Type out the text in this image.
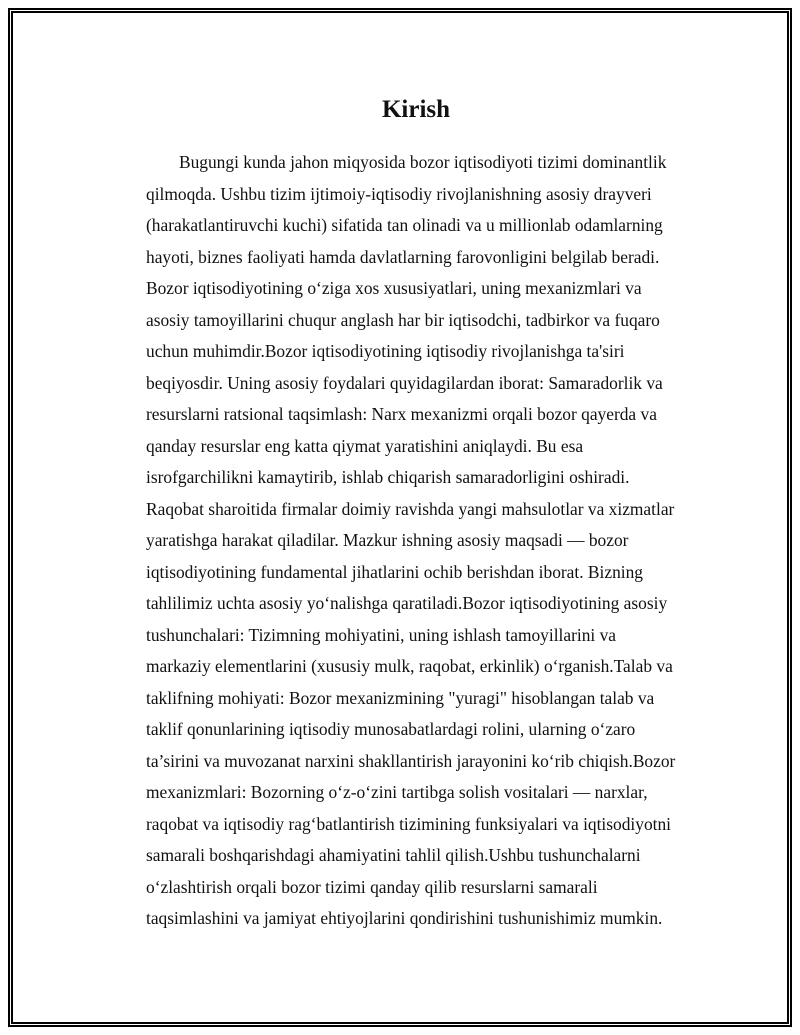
Kirish

Bugungi kunda jahon miqyosida bozor iqtisodiyoti tizimi dominantlik
qilmoqda. Ushbu tizim ijtimoiy-iqtisodiy rivojlanishning asosiy drayveri
(harakatlantiruvchi kuchi) sifatida tan olinadi va u millionlab odamlarning
hayoti, biznes faoliyati hamda davlatlarning farovonligini belgilab beradi.
Bozor iqtisodiyotining o‘ziga xos xususiyatlari, uning mexanizmlari va
asosiy tamoyillarini chuqur anglash har bir iqtisodchi, tadbirkor va fuqaro
uchun muhimdir.Bozor iqtisodiyotining iqtisodiy rivojlanishga ta'siri
beqiyosdir. Uning asosiy foydalari quyidagilardan iborat: Samaradorlik va
resurslarni ratsional taqsimlash: Narx mexanizmi orqali bozor qayerda va
qanday resurslar eng katta qiymat yaratishini aniqlaydi. Bu esa
isrofgarchilikni kamaytirib, ishlab chiqarish samaradorligini oshiradi.
Raqobat sharoitida firmalar doimiy ravishda yangi mahsulotlar va xizmatlar
yaratishga harakat qiladilar. Mazkur ishning asosiy maqsadi — bozor
iqtisodiyotining fundamental jihatlarini ochib berishdan iborat. Bizning
tahlilimiz uchta asosiy yo‘nalishga qaratiladi.Bozor iqtisodiyotining asosiy
tushunchalari: Tizimning mohiyatini, uning ishlash tamoyillarini va
markaziy elementlarini (xususiy mulk, raqobat, erkinlik) o‘rganish.Talab va
taklifning mohiyati: Bozor mexanizmining "yuragi" hisoblangan talab va
taklif qonunlarining iqtisodiy munosabatlardagi rolini, ularning o‘zaro
ta’sirini va muvozanat narxini shakllantirish jarayonini ko‘rib chiqish.Bozor
mexanizmlari: Bozorning o‘z-o‘zini tartibga solish vositalari — narxlar,
raqobat va iqtisodiy rag‘batlantirish tizimining funksiyalari va iqtisodiyotni
samarali boshqarishdagi ahamiyatini tahlil qilish.Ushbu tushunchalarni
o‘zlashtirish orqali bozor tizimi qanday qilib resurslarni samarali
taqsimlashini va jamiyat ehtiyojlarini qondirishini tushunishimiz mumkin.
